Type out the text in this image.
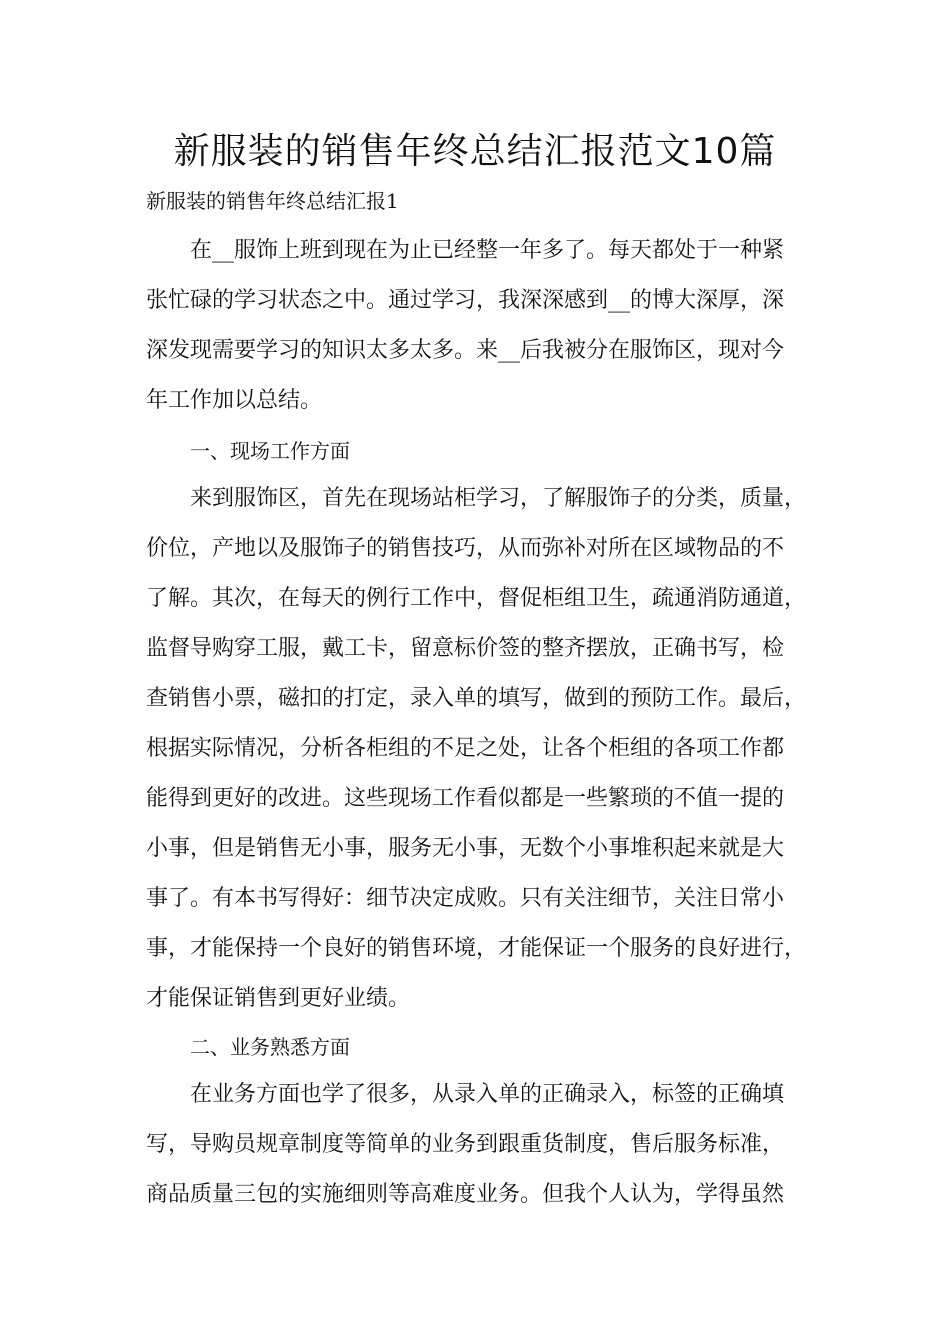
新服装的销售年终总结汇报范文10篇
新服装的销售年终总结汇报1
在__服饰上班到现在为止已经整一年多了。每天都处于一种紧
张忙碌的学习状态之中。通过学习，我深深感到__的博大深厚，深
深发现需要学习的知识太多太多。来__后我被分在服饰区，现对今
年工作加以总结。
一、现场工作方面
来到服饰区，首先在现场站柜学习，了解服饰子的分类，质量，
价位，产地以及服饰子的销售技巧，从而弥补对所在区域物品的不
了解。其次，在每天的例行工作中，督促柜组卫生，疏通消防通道，
监督导购穿工服，戴工卡，留意标价签的整齐摆放，正确书写，检
查销售小票，磁扣的打定，录入单的填写，做到的预防工作。最后，
根据实际情况，分析各柜组的不足之处，让各个柜组的各项工作都
能得到更好的改进。这些现场工作看似都是一些繁琐的不值一提的
小事，但是销售无小事，服务无小事，无数个小事堆积起来就是大
事了。有本书写得好：细节决定成败。只有关注细节，关注日常小
事，才能保持一个良好的销售环境，才能保证一个服务的良好进行，
才能保证销售到更好业绩。
二、业务熟悉方面
在业务方面也学了很多，从录入单的正确录入，标签的正确填
写，导购员规章制度等简单的业务到跟重货制度，售后服务标准，
商品质量三包的实施细则等高难度业务。但我个人认为，学得虽然
